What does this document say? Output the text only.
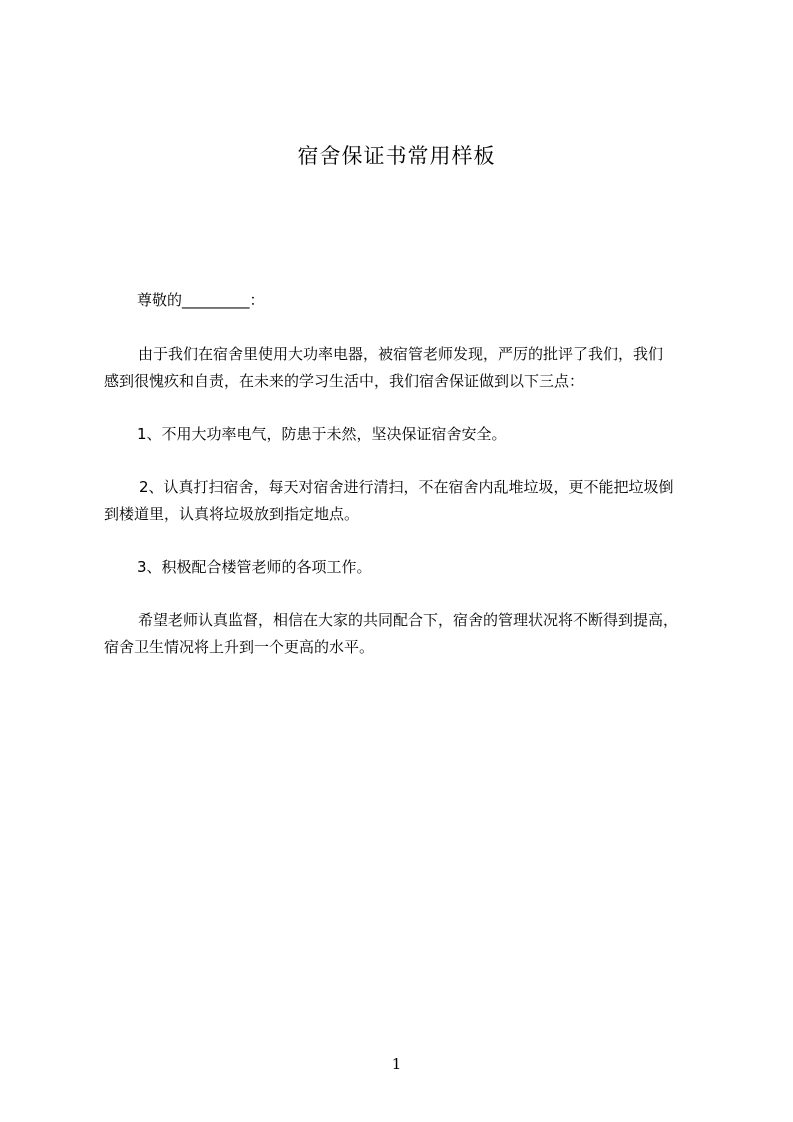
宿舍保证书常用样板
尊敬的_________：
由于我们在宿舍里使用大功率电器，被宿管老师发现，严厉的批评了我们，我们
感到很愧疚和自责，在未来的学习生活中，我们宿舍保证做到以下三点：
1、不用大功率电气，防患于未然，坚决保证宿舍安全。
2、认真打扫宿舍，每天对宿舍进行清扫，不在宿舍内乱堆垃圾，更不能把垃圾倒
到楼道里，认真将垃圾放到指定地点。
3、积极配合楼管老师的各项工作。
希望老师认真监督，相信在大家的共同配合下，宿舍的管理状况将不断得到提高，
宿舍卫生情况将上升到一个更高的水平。
1
